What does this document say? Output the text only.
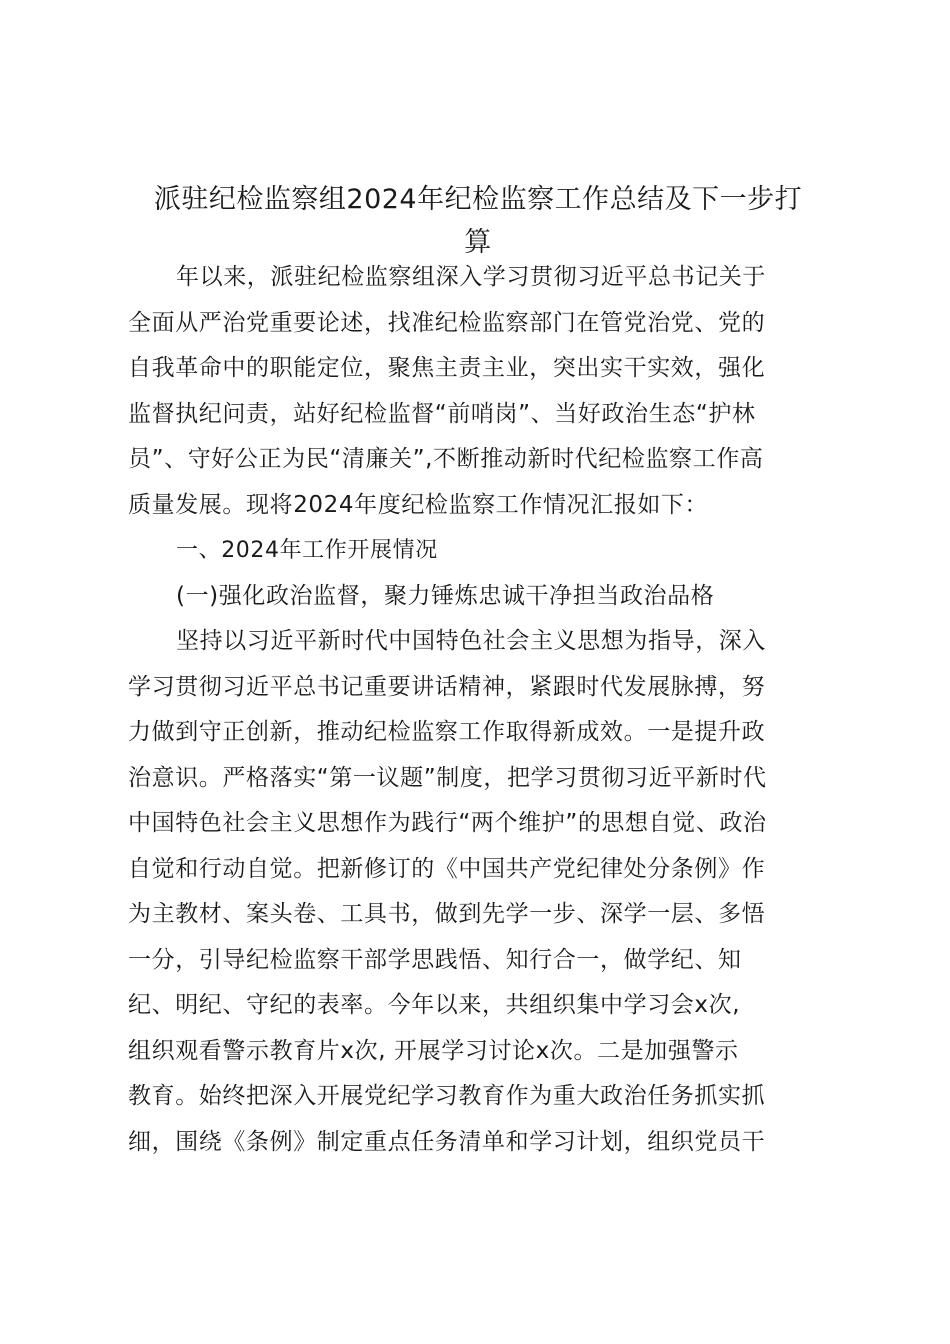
派驻纪检监察组2024年纪检监察工作总结及下一步打
算
年以来，派驻纪检监察组深入学习贯彻习近平总书记关于
全面从严治党重要论述，找准纪检监察部门在管党治党、党的
自我革命中的职能定位，聚焦主责主业，突出实干实效，强化
监督执纪问责，站好纪检监督“前哨岗”、当好政治生态“护林
员”、守好公正为民“清廉关”,不断推动新时代纪检监察工作高
质量发展。现将2024年度纪检监察工作情况汇报如下：
一、2024年工作开展情况
(一)强化政治监督，聚力锤炼忠诚干净担当政治品格
坚持以习近平新时代中国特色社会主义思想为指导，深入
学习贯彻习近平总书记重要讲话精神，紧跟时代发展脉搏，努
力做到守正创新，推动纪检监察工作取得新成效。一是提升政
治意识。严格落实“第一议题”制度，把学习贯彻习近平新时代
中国特色社会主义思想作为践行“两个维护”的思想自觉、政治
自觉和行动自觉。把新修订的《中国共产党纪律处分条例》作
为主教材、案头卷、工具书，做到先学一步、深学一层、多悟
一分，引导纪检监察干部学思践悟、知行合一，做学纪、知
纪、明纪、守纪的表率。今年以来，共组织集中学习会x次,
组织观看警示教育片x次, 开展学习讨论x次。二是加强警示
教育。始终把深入开展党纪学习教育作为重大政治任务抓实抓
细，围绕《条例》制定重点任务清单和学习计划，组织党员干
